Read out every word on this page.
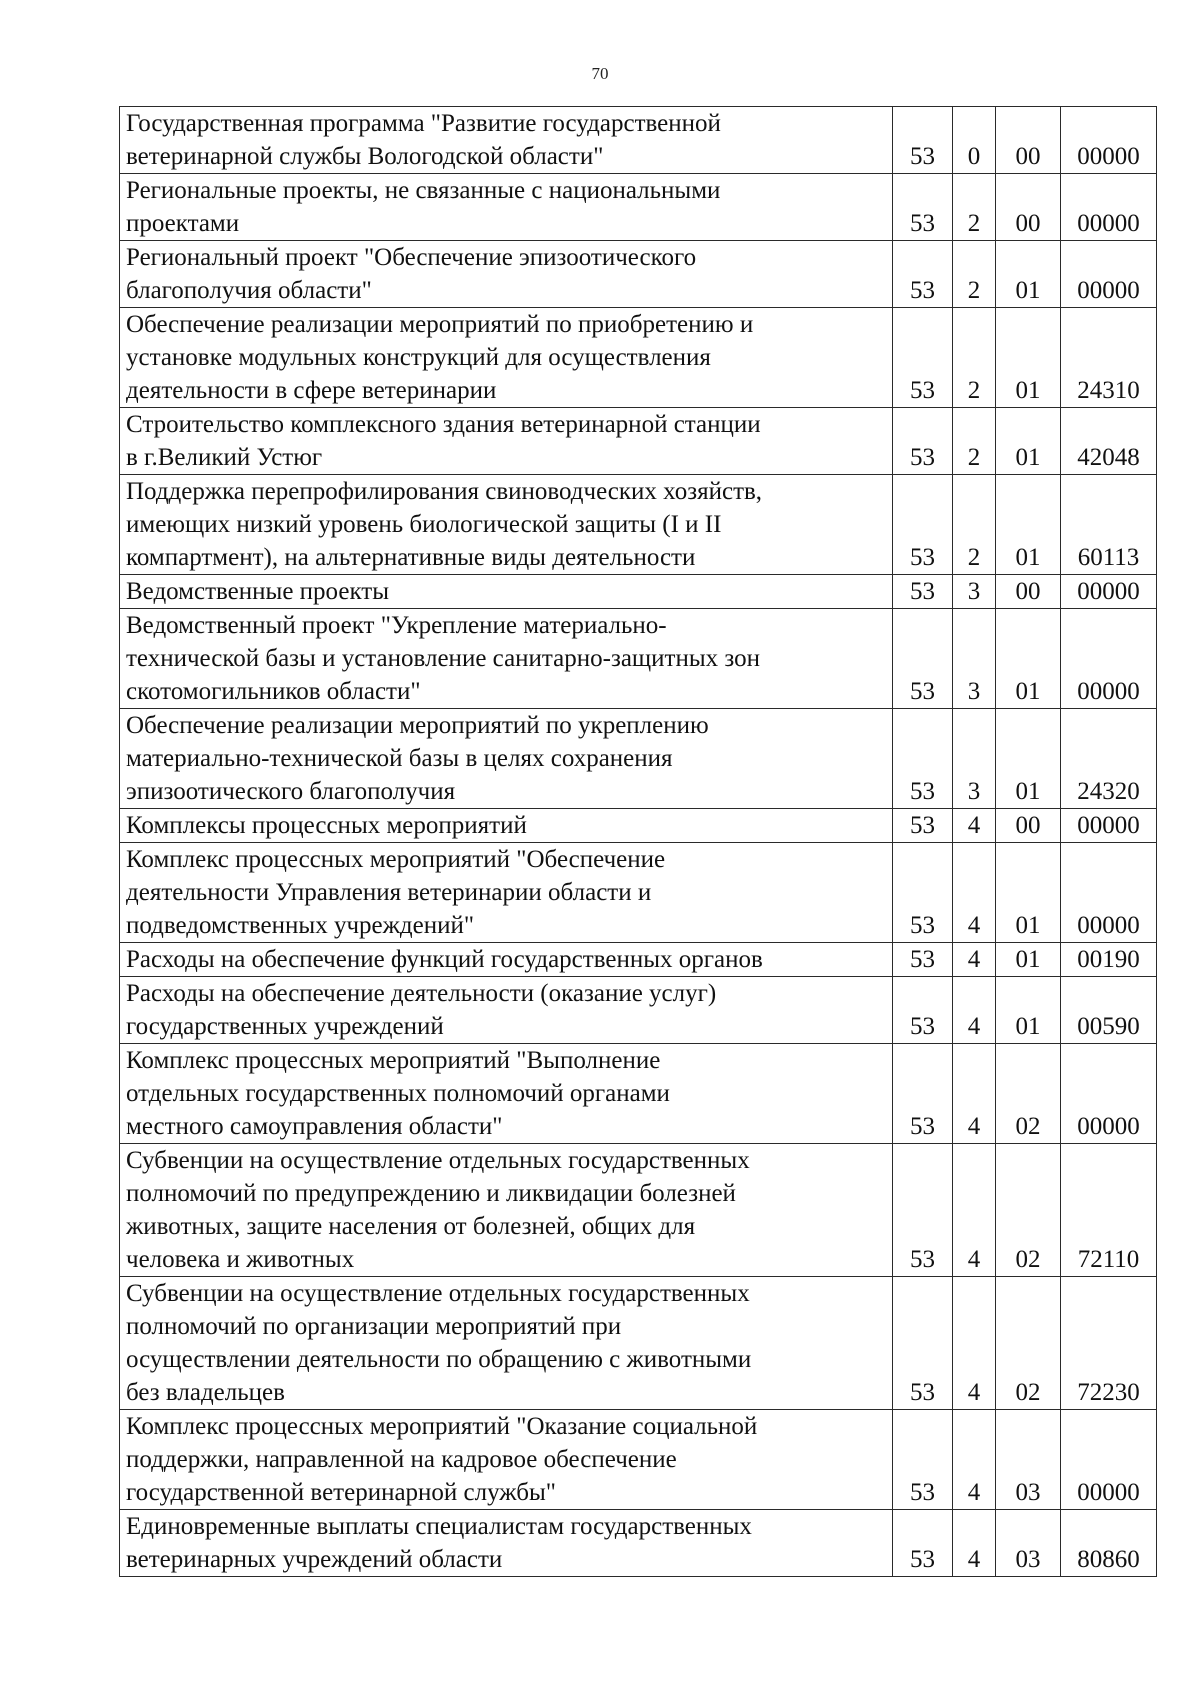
70
Государственная программа "Развитие государственной
ветеринарной службы Вологодской области"	53	0	00	00000
Региональные проекты, не связанные с национальными
проектами	53	2	00	00000
Региональный проект "Обеспечение эпизоотического
благополучия области"	53	2	01	00000
Обеспечение реализации мероприятий по приобретению и
установке модульных конструкций для осуществления
деятельности в сфере ветеринарии	53	2	01	24310
Строительство комплексного здания ветеринарной станции
в г.Великий Устюг	53	2	01	42048
Поддержка перепрофилирования свиноводческих хозяйств,
имеющих низкий уровень биологической защиты (I и II
компартмент), на альтернативные виды деятельности	53	2	01	60113
Ведомственные проекты	53	3	00	00000
Ведомственный проект "Укрепление материально-
технической базы и установление санитарно-защитных зон
скотомогильников области"	53	3	01	00000
Обеспечение реализации мероприятий по укреплению
материально-технической базы в целях сохранения
эпизоотического благополучия	53	3	01	24320
Комплексы процессных мероприятий	53	4	00	00000
Комплекс процессных мероприятий "Обеспечение
деятельности Управления ветеринарии области и
подведомственных учреждений"	53	4	01	00000
Расходы на обеспечение функций государственных органов	53	4	01	00190
Расходы на обеспечение деятельности (оказание услуг)
государственных учреждений	53	4	01	00590
Комплекс процессных мероприятий "Выполнение
отдельных государственных полномочий органами
местного самоуправления области"	53	4	02	00000
Субвенции на осуществление отдельных государственных
полномочий по предупреждению и ликвидации болезней
животных, защите населения от болезней, общих для
человека и животных	53	4	02	72110
Субвенции на осуществление отдельных государственных
полномочий по организации мероприятий при
осуществлении деятельности по обращению с животными
без владельцев	53	4	02	72230
Комплекс процессных мероприятий "Оказание социальной
поддержки, направленной на кадровое обеспечение
государственной ветеринарной службы"	53	4	03	00000
Единовременные выплаты специалистам государственных
ветеринарных учреждений области	53	4	03	80860
